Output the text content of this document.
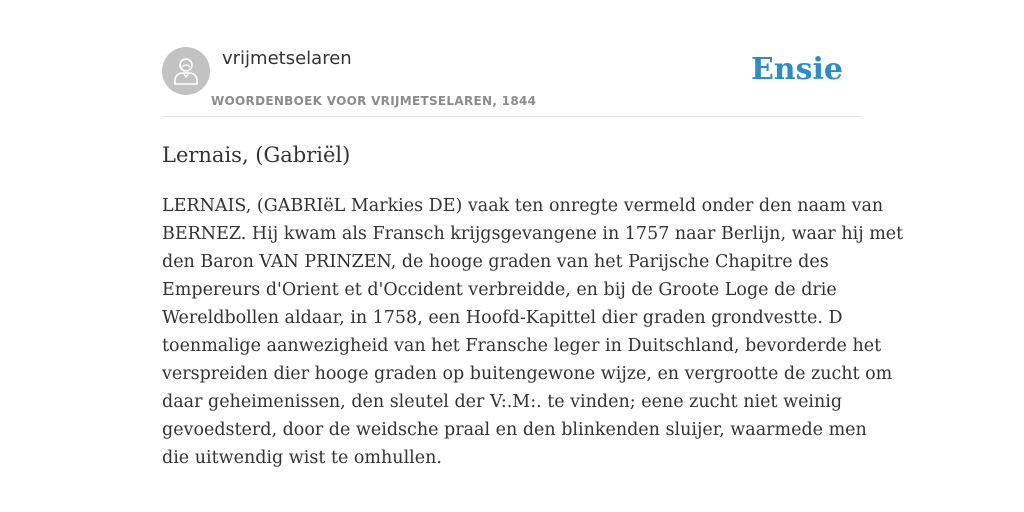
vrijmetselaren
WOORDENBOEK VOOR VRIJMETSELAREN, 1844
Ensie
Lernais, (Gabriël)
LERNAIS, (GABRIëL Markies DE) vaak ten onregte vermeld onder den naam van
BERNEZ. Hij kwam als Fransch krijgsgevangene in 1757 naar Berlijn, waar hij met
den Baron VAN PRINZEN, de hooge graden van het Parijsche Chapitre des
Empereurs d'Orient et d'Occident verbreidde, en bij de Groote Loge de drie
Wereldbollen aldaar, in 1758, een Hoofd-Kapittel dier graden grondvestte. D
toenmalige aanwezigheid van het Fransche leger in Duitschland, bevorderde het
verspreiden dier hooge graden op buitengewone wijze, en vergrootte de zucht om
daar geheimenissen, den sleutel der V:.M:. te vinden; eene zucht niet weinig
gevoedsterd, door de weidsche praal en den blinkenden sluijer, waarmede men
die uitwendig wist te omhullen.
